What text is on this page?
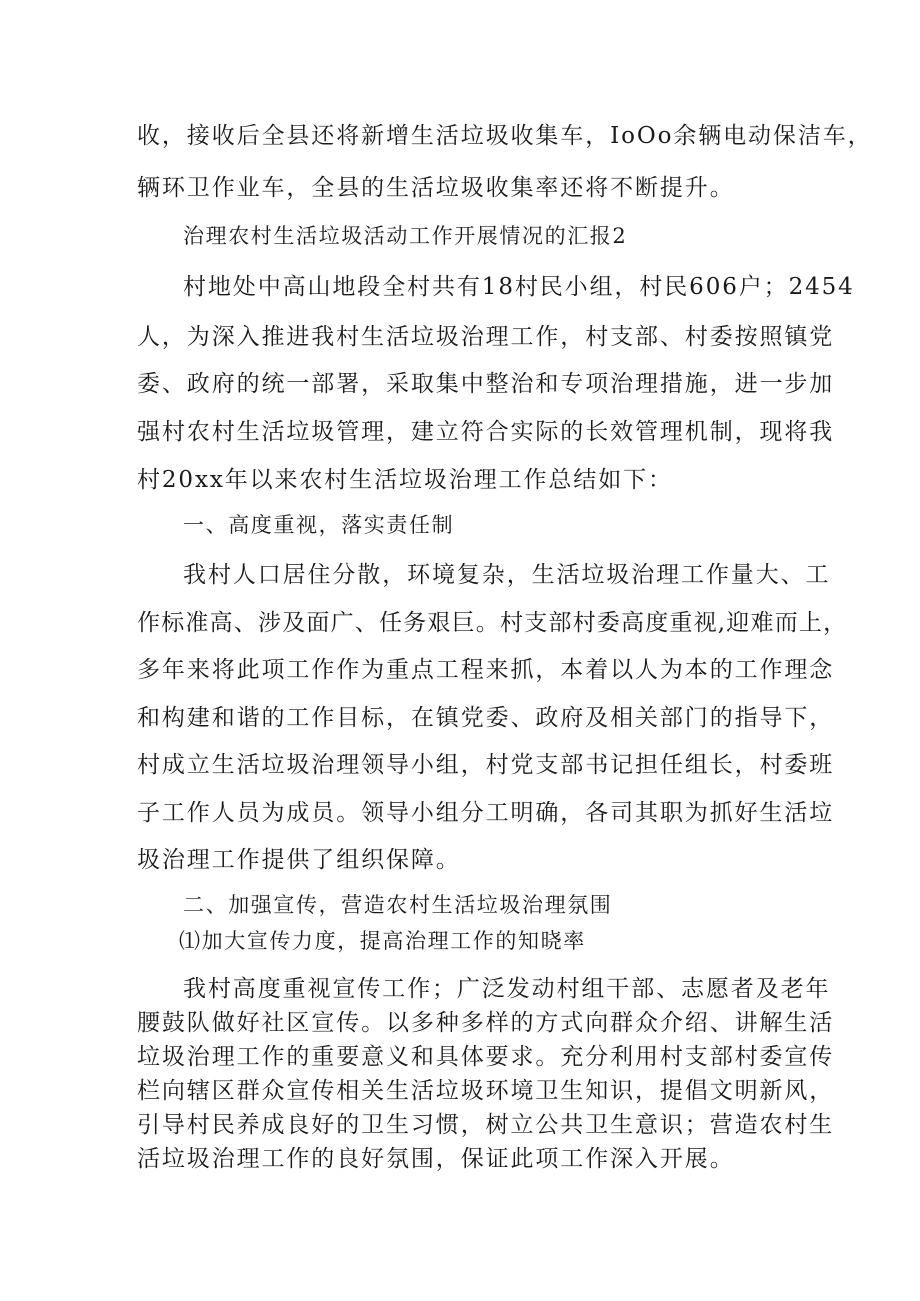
收，接收后全县还将新增生活垃圾收集车，IoOo余辆电动保洁车，
辆环卫作业车，全县的生活垃圾收集率还将不断提升。
治理农村生活垃圾活动工作开展情况的汇报2
村地处中高山地段全村共有18村民小组，村民606户；2454
人，为深入推进我村生活垃圾治理工作，村支部、村委按照镇党
委、政府的统一部署，采取集中整治和专项治理措施，进一步加
强村农村生活垃圾管理，建立符合实际的长效管理机制，现将我
村20xx年以来农村生活垃圾治理工作总结如下：
一、高度重视，落实责任制
我村人口居住分散，环境复杂，生活垃圾治理工作量大、工
作标准高、涉及面广、任务艰巨。村支部村委高度重视,迎难而上，
多年来将此项工作作为重点工程来抓，本着以人为本的工作理念
和构建和谐的工作目标，在镇党委、政府及相关部门的指导下，
村成立生活垃圾治理领导小组，村党支部书记担任组长，村委班
子工作人员为成员。领导小组分工明确，各司其职为抓好生活垃
圾治理工作提供了组织保障。
二、加强宣传，营造农村生活垃圾治理氛围
⑴加大宣传力度，提高治理工作的知晓率
我村高度重视宣传工作；广泛发动村组干部、志愿者及老年
腰鼓队做好社区宣传。以多种多样的方式向群众介绍、讲解生活
垃圾治理工作的重要意义和具体要求。充分利用村支部村委宣传
栏向辖区群众宣传相关生活垃圾环境卫生知识，提倡文明新风，
引导村民养成良好的卫生习惯，树立公共卫生意识；营造农村生
活垃圾治理工作的良好氛围，保证此项工作深入开展。
